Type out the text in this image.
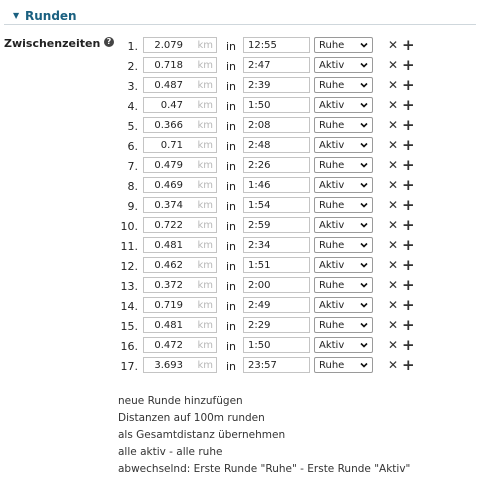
▼ Runden
Zwischenzeiten ? 1. 2.079 km in 12:55	Ruhe	✕ +
2. 0.718 km in 2:47	Aktiv	✕ +
3. 0.487 km in 2:39	Ruhe	✕ +
4. 0.47 km in 1:50	Aktiv	✕ +
5. 0.366 km in 2:08	Ruhe	✕ +
6. 0.71 km in 2:48	Aktiv	✕ +
7. 0.479 km in 2:26	Ruhe	✕ +
8. 0.469 km in 1:46	Aktiv	✕ +
9. 0.374 km in 1:54	Ruhe	✕ +
10. 0.722 km in 2:59	Aktiv	✕ +
11. 0.481 km in 2:34	Ruhe	✕ +
12. 0.462 km in 1:51	Aktiv	✕ +
13. 0.372 km in 2:00	Ruhe	✕ +
14. 0.719 km in 2:49	Aktiv	✕ +
15. 0.481 km in 2:29	Ruhe	✕ +
16. 0.472 km in 1:50	Aktiv	✕ +
17. 3.693 km in 23:57	Ruhe	✕ +
neue Runde hinzufügen
Distanzen auf 100m runden
als Gesamtdistanz übernehmen
alle aktiv - alle ruhe
abwechselnd: Erste Runde "Ruhe" - Erste Runde "Aktiv"
